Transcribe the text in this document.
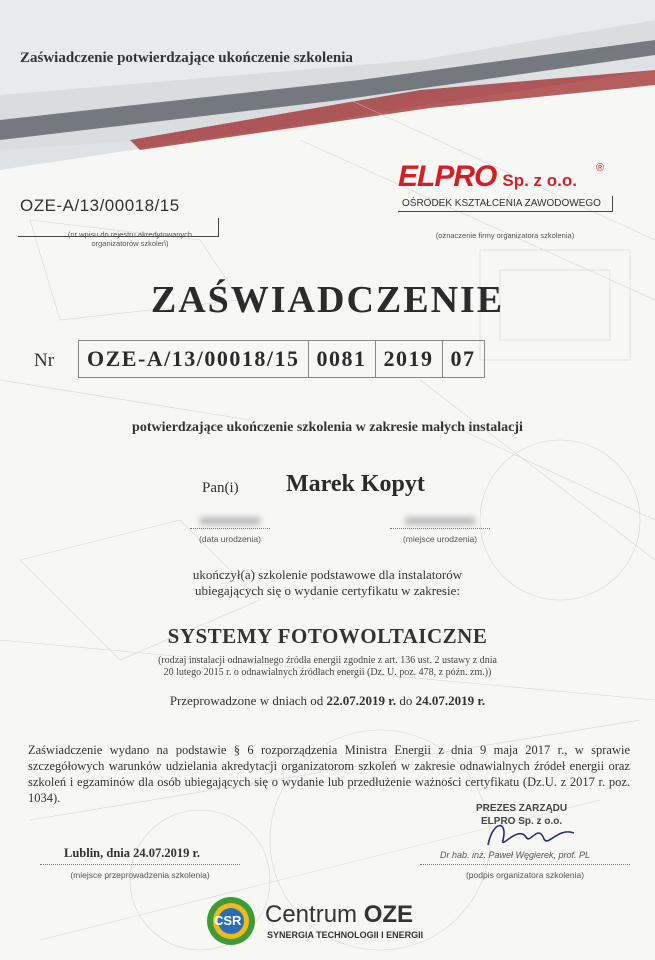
Zaświadczenie potwierdzające ukończenie szkolenia
OZE-A/13/00018/15
(nr wpisu do rejestru akredytowanych
organizatorów szkoleń)
ELPRO Sp. z o.o.
®
OŚRODEK KSZTAŁCENIA ZAWODOWEGO
(oznaczenie firmy organizatora szkolenia)
ZAŚWIADCZENIE
Nr	OZE-A/13/00018/15 0081 2019 07
potwierdzające ukończenie szkolenia w zakresie małych instalacji
Pan(i) Marek Kopyt
(data urodzenia)	(miejsce urodzenia)
ukończył(a) szkolenie podstawowe dla instalatorów
ubiegających się o wydanie certyfikatu w zakresie:
SYSTEMY FOTOWOLTAICZNE
(rodzaj instalacji odnawialnego źródła energii zgodnie z art. 136 ust. 2 ustawy z dnia
20 lutego 2015 r. o odnawialnych źródłach energii (Dz. U. poz. 478, z późn. zm.))
Przeprowadzone w dniach od 22.07.2019 r. do 24.07.2019 r.
Zaświadczenie wydano na podstawie § 6 rozporządzenia Ministra Energii z dnia 9 maja 2017 r., w sprawie szczegółowych warunków udzielania akredytacji organizatorom szkoleń w zakresie odnawialnych źródeł energii oraz szkoleń i egzaminów dla osób ubiegających się o wydanie lub przedłużenie ważności certyfikatu (Dz.U. z 2017 r. poz. 1034).
Lublin, dnia 24.07.2019 r.
(miejsce przeprowadzenia szkolenia)
PREZES ZARZĄDU
ELPRO Sp. z o.o.
Dr hab. inż. Paweł Węgierek, prof. PL
(podpis organizatora szkolenia)
CSR Centrum OZE
SYNERGIA TECHNOLOGII I ENERGII
